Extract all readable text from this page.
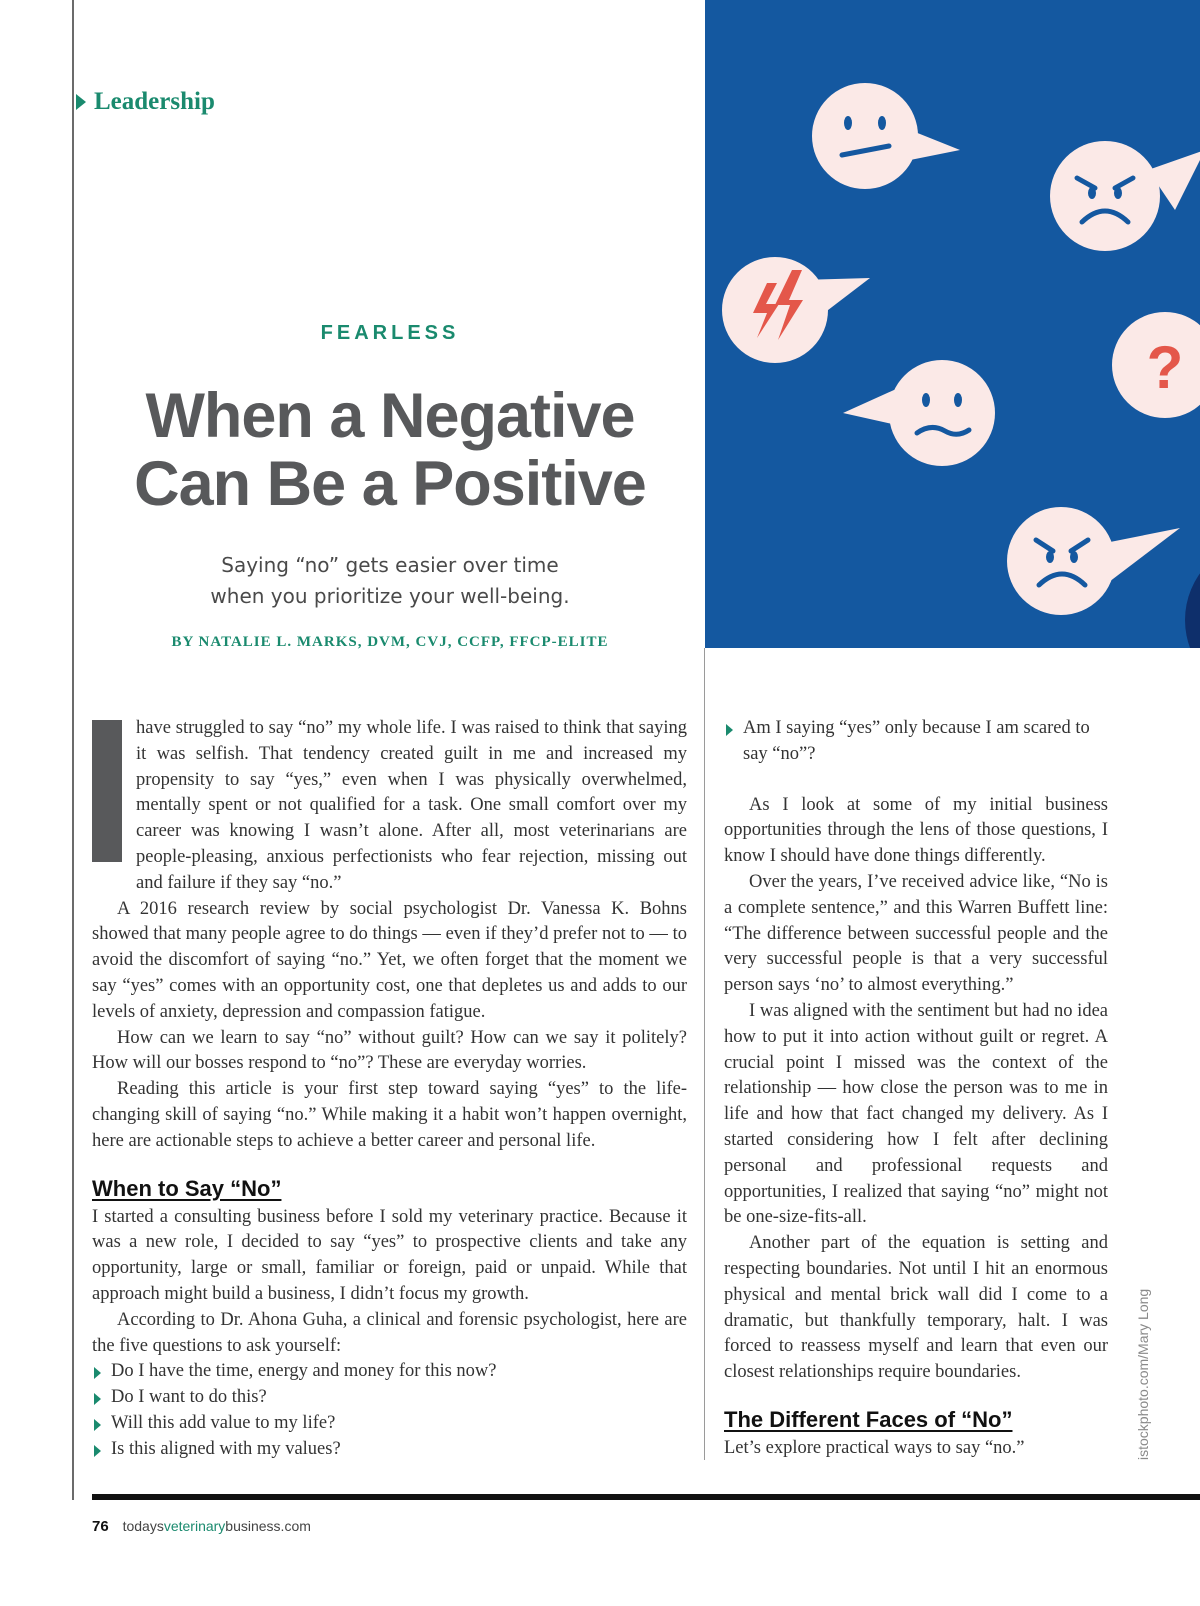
Leadership
?
FEARLESS
When a Negative
Can Be a Positive
Saying “no” gets easier over time
when you prioritize your well-being.
BY NATALIE L. MARKS, DVM, CVJ, CCFP, FFCP-ELITE

have struggled to say “no” my whole life. I was raised to think that saying it was selfish. That tendency created guilt in me and increased my propensity to say “yes,” even when I was physically overwhelmed, mentally spent or not qualified for a task. One small comfort over my career was knowing I wasn’t alone. After all, most veterinarians are people-pleasing, anxious perfectionists who fear rejection, missing out and failure if they say “no.”

A 2016 research review by social psychologist Dr. Vanessa K. Bohns showed that many people agree to do things — even if they’d prefer not to — to avoid the discomfort of saying “no.” Yet, we often forget that the moment we say “yes” comes with an opportunity cost, one that depletes us and adds to our levels of anxiety, depression and compassion fatigue.

How can we learn to say “no” without guilt? How can we say it politely? How will our bosses respond to “no”? These are everyday worries.

Reading this article is your first step toward saying “yes” to the life-changing skill of saying “no.” While making it a habit won’t happen overnight, here are actionable steps to achieve a better career and personal life.

When to Say “No”

I started a consulting business before I sold my veterinary practice. Because it was a new role, I decided to say “yes” to prospective clients and take any opportunity, large or small, familiar or foreign, paid or unpaid. While that approach might build a business, I didn’t focus my growth.

According to Dr. Ahona Guha, a clinical and forensic psychologist, here are the five questions to ask yourself:

Do I have the time, energy and money for this now?
Do I want to do this?
Will this add value to my life?
Is this aligned with my values?
Am I saying “yes” only because I am scared to say “no”?

As I look at some of my initial business opportunities through the lens of those questions, I know I should have done things differently.

Over the years, I’ve received advice like, “No is a complete sentence,” and this Warren Buffett line: “The difference between successful people and the very successful people is that a very successful person says ‘no’ to almost everything.”

I was aligned with the sentiment but had no idea how to put it into action without guilt or regret. A crucial point I missed was the context of the relationship — how close the person was to me in life and how that fact changed my delivery. As I started considering how I felt after declining personal and professional requests and opportunities, I realized that saying “no” might not be one-size-fits-all.

Another part of the equation is setting and respecting boundaries. Not until I hit an enormous physical and mental brick wall did I come to a dramatic, but thankfully temporary, halt. I was forced to reassess myself and learn that even our closest relationships require boundaries.

The Different Faces of “No”

Let’s explore practical ways to say “no.”	istockphoto.com/Mary Long
76 todaysveterinarybusiness.com
